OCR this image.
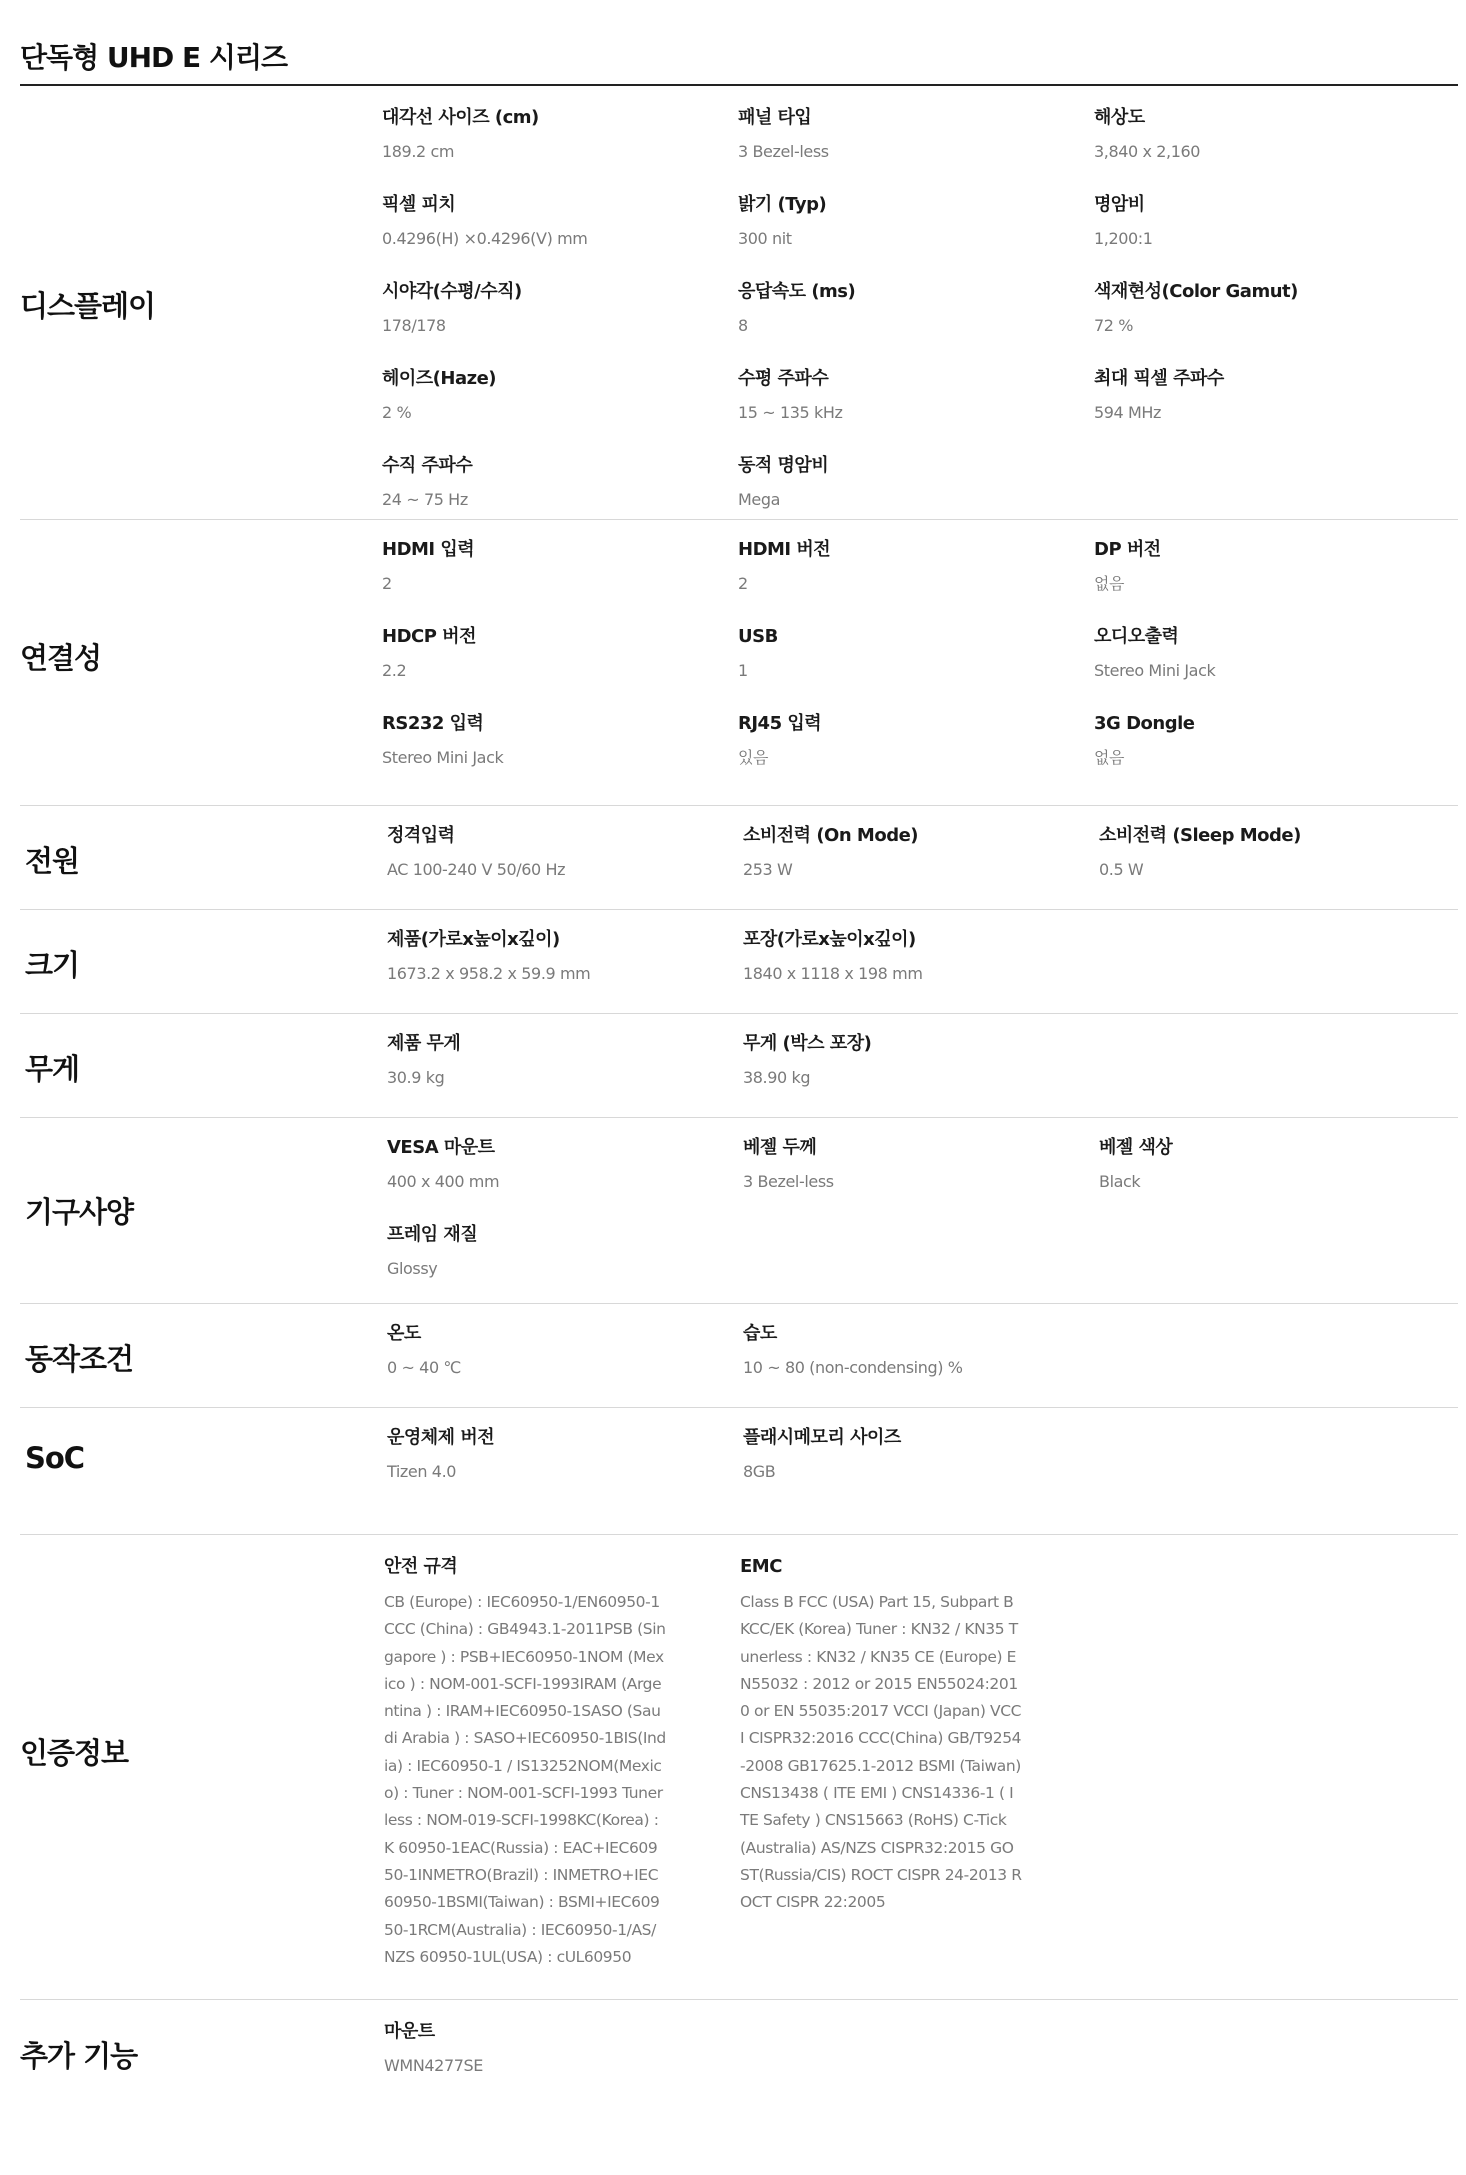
단독형 UHD E 시리즈
디스플레이
대각선 사이즈 (cm)
189.2 cm
패널 타입
3 Bezel-less
해상도
3,840 x 2,160
픽셀 피치
0.4296(H) ×0.4296(V) mm
밝기 (Typ)
300 nit
명암비
1,200:1
시야각(수평/수직)
178/178
응답속도 (ms)
8
색재현성(Color Gamut)
72 %
헤이즈(Haze)
2 %
수평 주파수
15 ~ 135 kHz
최대 픽셀 주파수
594 MHz
수직 주파수
24 ~ 75 Hz
동적 명암비
Mega
연결성
HDMI 입력
2
HDMI 버전
2
DP 버전
없음
HDCP 버전
2.2
USB
1
오디오출력
Stereo Mini Jack
RS232 입력
Stereo Mini Jack
RJ45 입력
있음
3G Dongle
없음
전원
정격입력
AC 100-240 V 50/60 Hz
소비전력 (On Mode)
253 W
소비전력 (Sleep Mode)
0.5 W
크기
제품(가로x높이x깊이)
1673.2 x 958.2 x 59.9 mm
포장(가로x높이x깊이)
1840 x 1118 x 198 mm
무게
제품 무게
30.9 kg
무게 (박스 포장)
38.90 kg
기구사양
VESA 마운트
400 x 400 mm
베젤 두께
3 Bezel-less
베젤 색상
Black
프레임 재질
Glossy
동작조건
온도
0 ~ 40 ℃
습도
10 ~ 80 (non-condensing) %
SoC
운영체제 버전
Tizen 4.0
플래시메모리 사이즈
8GB
인증정보
안전 규격
CB (Europe) : IEC60950-1/EN60950-1 CCC (China) : GB4943.1-2011PSB (Singapore ) : PSB+IEC60950-1NOM (Mexico ) : NOM-001-SCFI-1993IRAM (Argentina ) : IRAM+IEC60950-1SASO (Saudi Arabia ) : SASO+IEC60950-1BIS(India) : IEC60950-1 / IS13252NOM(Mexico) : Tuner : NOM-001-SCFI-1993 Tunerless : NOM-019-SCFI-1998KC(Korea) : K 60950-1EAC(Russia) : EAC+IEC60950-1INMETRO(Brazil) : INMETRO+IEC60950-1BSMI(Taiwan) : BSMI+IEC60950-1RCM(Australia) : IEC60950-1/AS/NZS 60950-1UL(USA) : cUL60950
EMC
Class B FCC (USA) Part 15, Subpart B KCC/EK (Korea) Tuner : KN32 / KN35 Tunerless : KN32 / KN35 CE (Europe) EN55032 : 2012 or 2015 EN55024:2010 or EN 55035:2017 VCCI (Japan) VCCI CISPR32:2016 CCC(China) GB/T9254-2008 GB17625.1-2012 BSMI (Taiwan) CNS13438 ( ITE EMI ) CNS14336-1 ( ITE Safety ) CNS15663 (RoHS) C-Tick (Australia) AS/NZS CISPR32:2015 GOST(Russia/CIS) ROCT CISPR 24-2013 ROCT CISPR 22:2005
추가 기능
마운트
WMN4277SE
